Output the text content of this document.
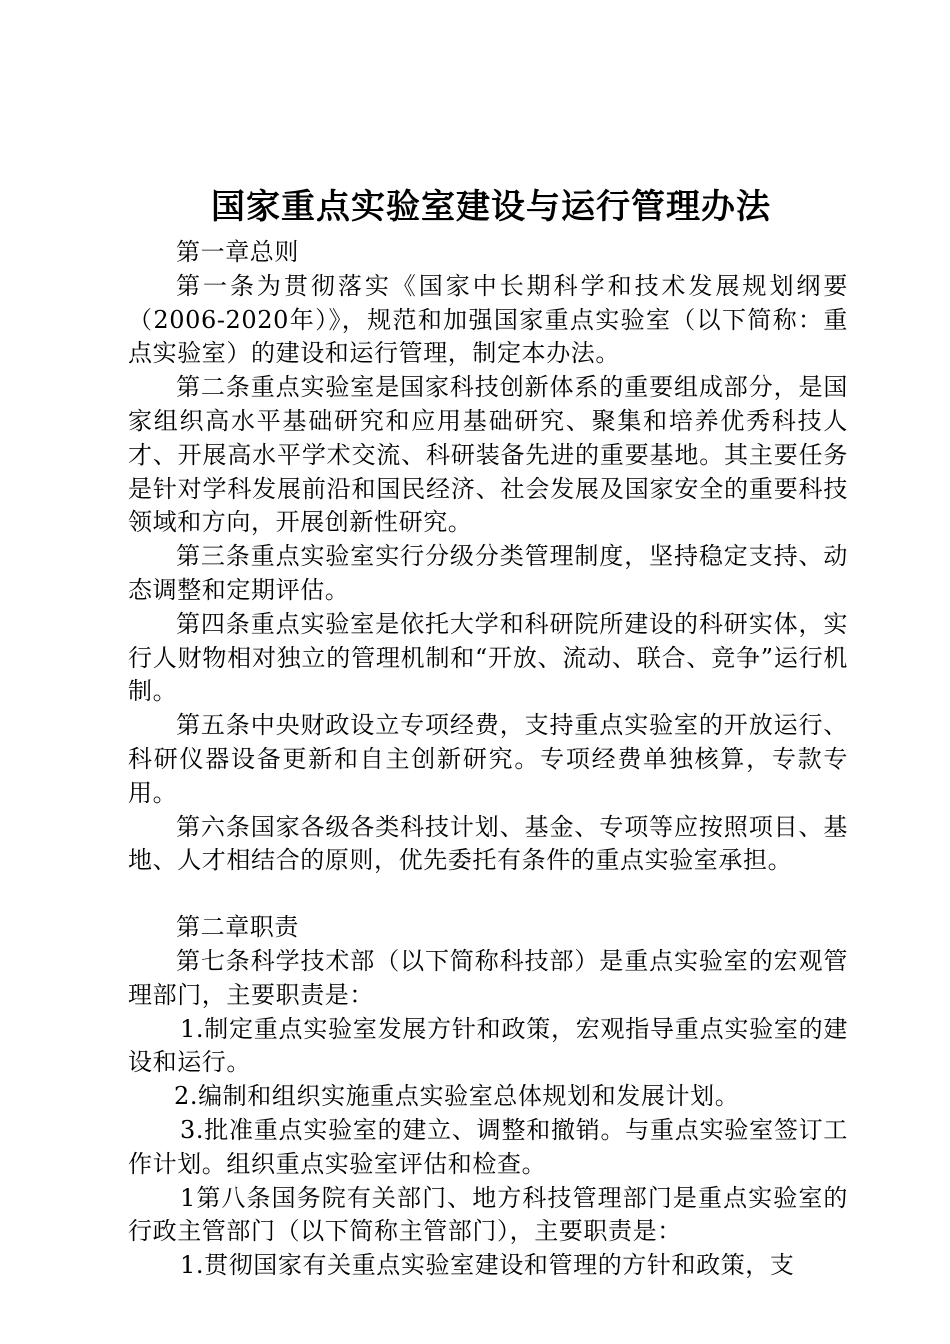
国家重点实验室建设与运行管理办法

第一章总则

第一条为贯彻落实《国家中长期科学和技术发展规划纲要（2006-2020年）》，规范和加强国家重点实验室（以下简称：重点实验室）的建设和运行管理，制定本办法。

第二条重点实验室是国家科技创新体系的重要组成部分，是国家组织高水平基础研究和应用基础研究、聚集和培养优秀科技人才、开展高水平学术交流、科研装备先进的重要基地。其主要任务是针对学科发展前沿和国民经济、社会发展及国家安全的重要科技领域和方向，开展创新性研究。

第三条重点实验室实行分级分类管理制度，坚持稳定支持、动态调整和定期评估。

第四条重点实验室是依托大学和科研院所建设的科研实体，实行人财物相对独立的管理机制和“开放、流动、联合、竞争”运行机制。

第五条中央财政设立专项经费，支持重点实验室的开放运行、科研仪器设备更新和自主创新研究。专项经费单独核算，专款专用。

第六条国家各级各类科技计划、基金、专项等应按照项目、基地、人才相结合的原则，优先委托有条件的重点实验室承担。

第二章职责

第七条科学技术部（以下简称科技部）是重点实验室的宏观管理部门，主要职责是：

1.制定重点实验室发展方针和政策，宏观指导重点实验室的建设和运行。

2.编制和组织实施重点实验室总体规划和发展计划。

3.批准重点实验室的建立、调整和撤销。与重点实验室签订工作计划。组织重点实验室评估和检查。

1第八条国务院有关部门、地方科技管理部门是重点实验室的行政主管部门（以下简称主管部门），主要职责是：

1.贯彻国家有关重点实验室建设和管理的方针和政策，支
